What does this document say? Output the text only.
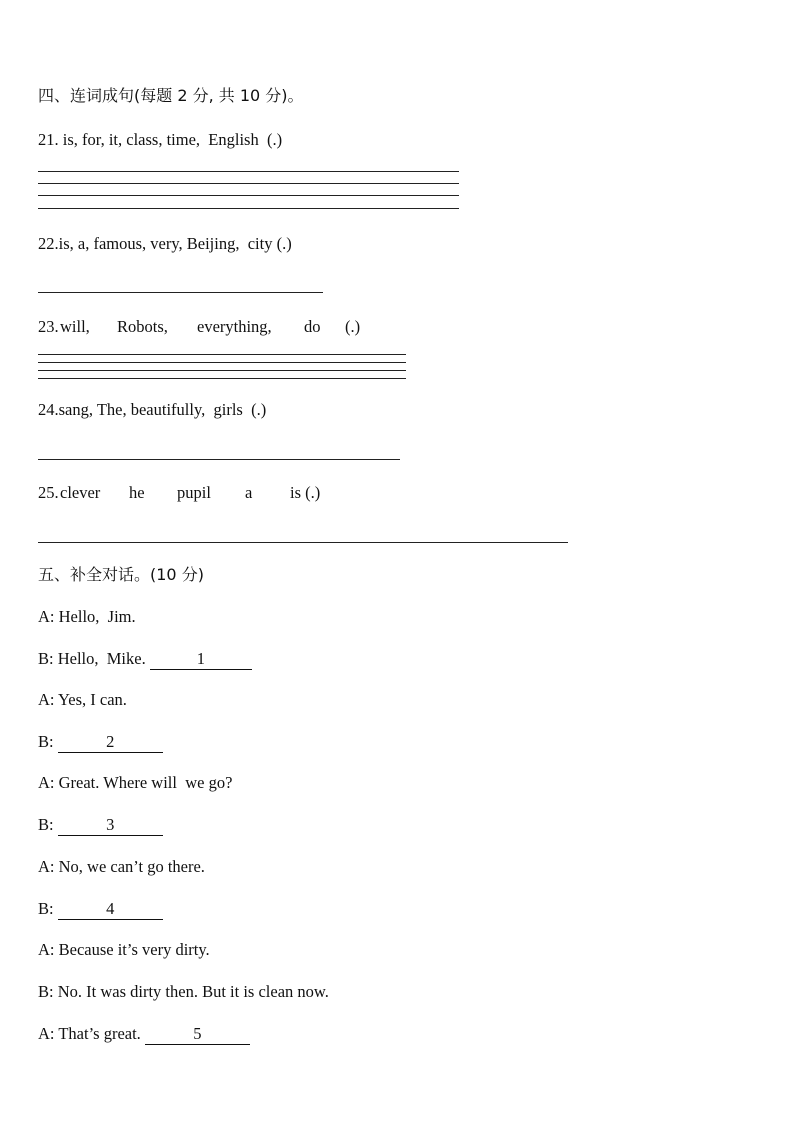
四、连词成句(每题 2 分, 共 10 分)。
21. is, for, it, class, time,  English  (.)
22.is, a, famous, very, Beijing,  city (.)
23. will, Robots, everything, do (.)
24.sang, The, beautifully,  girls  (.)
25. clever he pupil a is (.)
五、补全对话。(10 分)
A: Hello,  Jim.
B: Hello,  Mike.	1
A: Yes, I can.
B:	2
A: Great. Where will  we go?
B:	3
A: No, we can’t go there.
B:	4
A: Because it’s very dirty.
B: No. It was dirty then. But it is clean now.
A: That’s great.	5
